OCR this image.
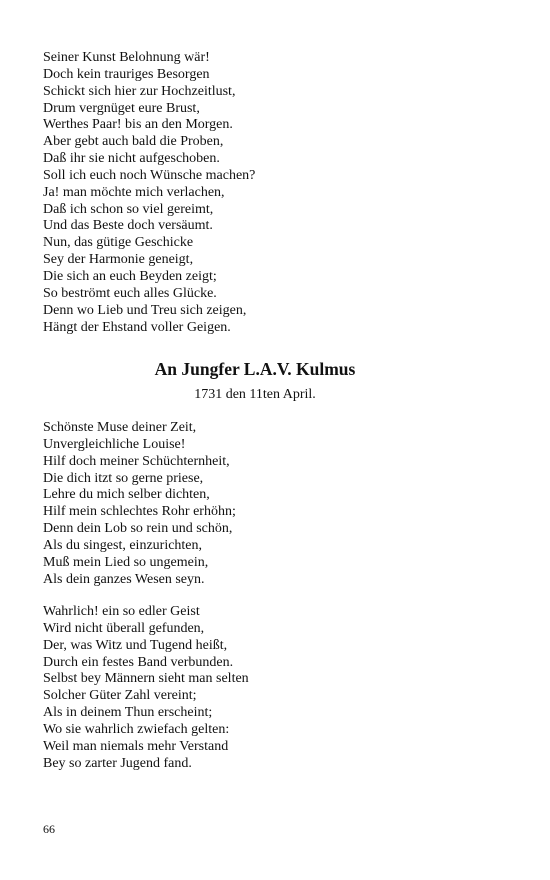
Seiner Kunst Belohnung wär!
Doch kein trauriges Besorgen
Schickt sich hier zur Hochzeitlust,
Drum vergnüget eure Brust,
Werthes Paar! bis an den Morgen.
Aber gebt auch bald die Proben,
Daß ihr sie nicht aufgeschoben.
Soll ich euch noch Wünsche machen?
Ja! man möchte mich verlachen,
Daß ich schon so viel gereimt,
Und das Beste doch versäumt.
Nun, das gütige Geschicke
Sey der Harmonie geneigt,
Die sich an euch Beyden zeigt;
So beströmt euch alles Glücke.
Denn wo Lieb und Treu sich zeigen,
Hängt der Ehstand voller Geigen.
An Jungfer L.A.V. Kulmus
1731 den 11ten April.
Schönste Muse deiner Zeit,
Unvergleichliche Louise!
Hilf doch meiner Schüchternheit,
Die dich itzt so gerne priese,
Lehre du mich selber dichten,
Hilf mein schlechtes Rohr erhöhn;
Denn dein Lob so rein und schön,
Als du singest, einzurichten,
Muß mein Lied so ungemein,
Als dein ganzes Wesen seyn.
Wahrlich! ein so edler Geist
Wird nicht überall gefunden,
Der, was Witz und Tugend heißt,
Durch ein festes Band verbunden.
Selbst bey Männern sieht man selten
Solcher Güter Zahl vereint;
Als in deinem Thun erscheint;
Wo sie wahrlich zwiefach gelten:
Weil man niemals mehr Verstand
Bey so zarter Jugend fand.
66
